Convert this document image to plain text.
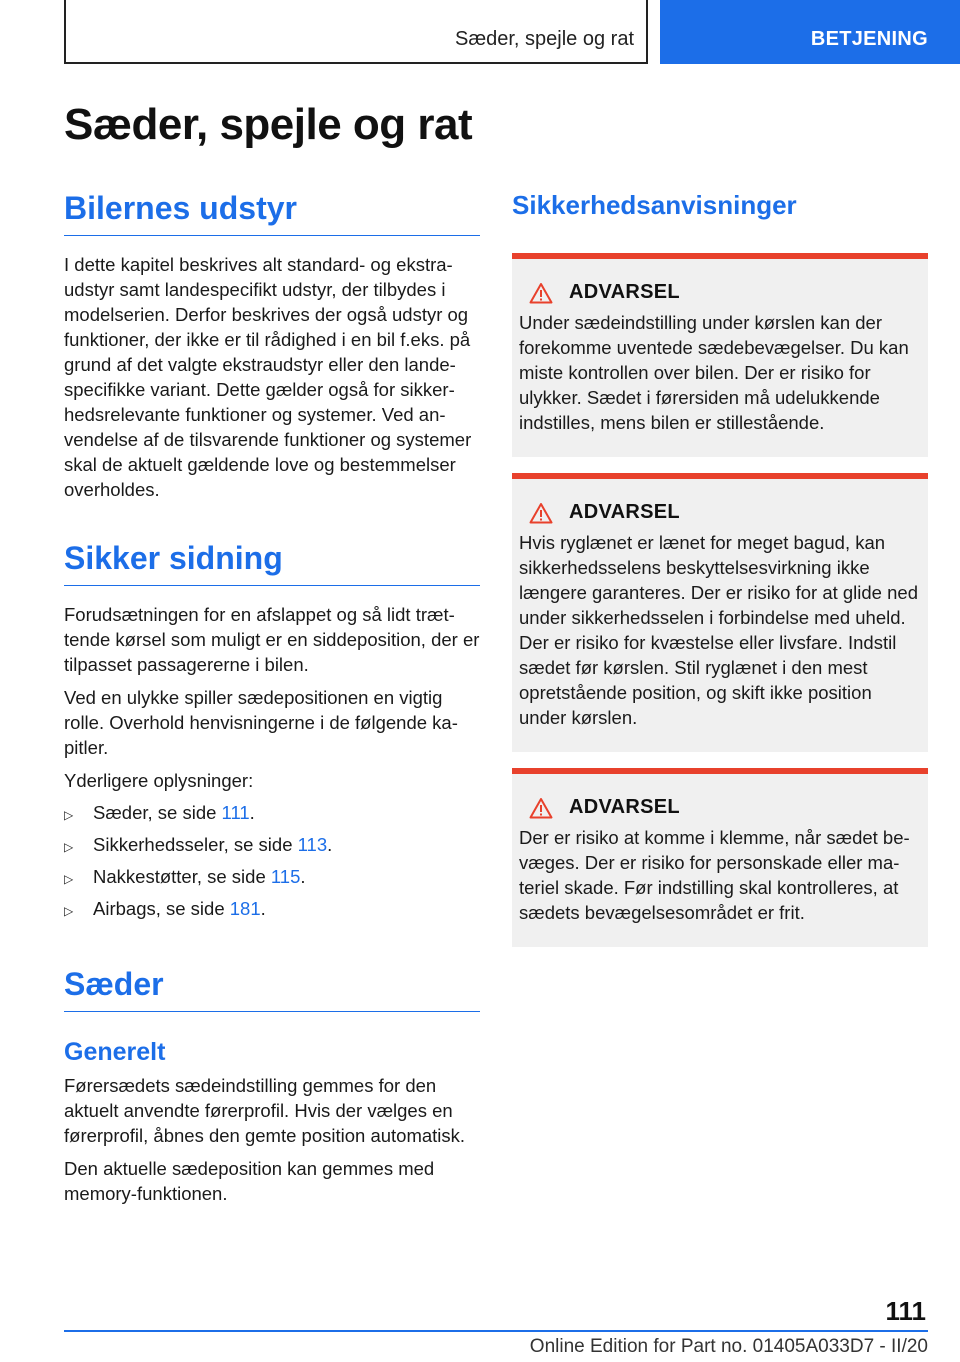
Sæder, spejle og rat	BETJENING
Sæder, spejle og rat
Bilernes udstyr

I dette kapitel beskrives alt standard- og ekstraudstyr samt landespecifikt udstyr, der tilbydes i modelserien. Derfor beskrives der også udstyr og funktioner, der ikke er til rådighed i en bil f.eks. på grund af det valgte ekstraudstyr eller den landespecifikke variant. Dette gælder også for sikkerhedsrelevante funktioner og systemer. Ved anvendelse af de tilsvarende funktioner og systemer skal de aktuelt gældende love og bestemmelser overholdes.

Sikker sidning

Forudsætningen for en afslappet og så lidt trættende kørsel som muligt er en siddeposition, der er tilpasset passagererne i bilen.

Ved en ulykke spiller sædepositionen en vigtig rolle. Overhold henvisningerne i de følgende kapitler.

Yderligere oplysninger:

▷ Sæder, se side 111.
▷ Sikkerhedsseler, se side 113.
▷ Nakkestøtter, se side 115.
▷ Airbags, se side 181.
Sæder
Generelt

Førersædets sædeindstilling gemmes for den aktuelt anvendte førerprofil. Hvis der vælges en førerprofil, åbnes den gemte position automatisk.

Den aktuelle sædeposition kan gemmes med memory-funktionen.

Sikkerhedsanvisninger
ADVARSEL

Under sædeindstilling under kørslen kan der forekomme uventede sædebevægelser. Du kan miste kontrollen over bilen. Der er risiko for ulykker. Sædet i førersiden må udelukkende indstilles, mens bilen er stillestående.

ADVARSEL

Hvis ryglænet er lænet for meget bagud, kan sikkerhedsselens beskyttelsesvirkning ikke længere garanteres. Der er risiko for at glide ned under sikkerhedsselen i forbindelse med uheld. Der er risiko for kvæstelse eller livsfare. Indstil sædet før kørslen. Stil ryglænet i den mest opretstående position, og skift ikke position under kørslen.

ADVARSEL

Der er risiko at komme i klemme, når sædet bevæges. Der er risiko for personskade eller materiel skade. Før indstilling skal kontrolleres, at sædets bevægelsesområdet er frit.

111
Online Edition for Part no. 01405A033D7 - II/20
